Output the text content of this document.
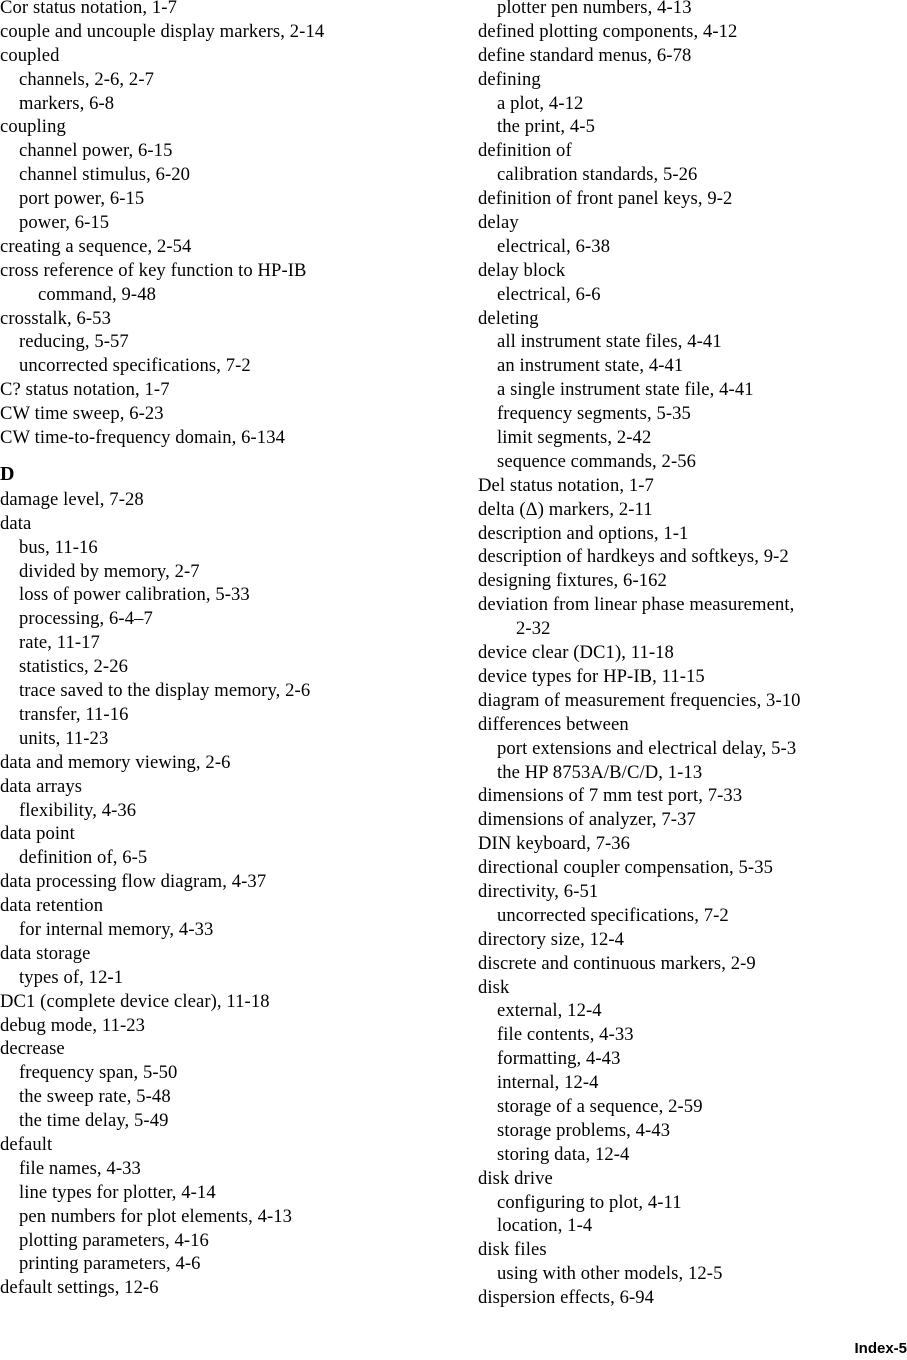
Cor status notation, 1-7
couple and uncouple display markers, 2-14
coupled
channels, 2-6, 2-7
markers, 6-8
coupling
channel power, 6-15
channel stimulus, 6-20
port power, 6-15
power, 6-15
creating a sequence, 2-54
cross reference of key function to HP-IB
command, 9-48
crosstalk, 6-53
reducing, 5-57
uncorrected specifications, 7-2
C? status notation, 1-7
CW time sweep, 6-23
CW time-to-frequency domain, 6-134
D
damage level, 7-28
data
bus, 11-16
divided by memory, 2-7
loss of power calibration, 5-33
processing, 6-4–7
rate, 11-17
statistics, 2-26
trace saved to the display memory, 2-6
transfer, 11-16
units, 11-23
data and memory viewing, 2-6
data arrays
flexibility, 4-36
data point
definition of, 6-5
data processing flow diagram, 4-37
data retention
for internal memory, 4-33
data storage
types of, 12-1
DC1 (complete device clear), 11-18
debug mode, 11-23
decrease
frequency span, 5-50
the sweep rate, 5-48
the time delay, 5-49
default
file names, 4-33
line types for plotter, 4-14
pen numbers for plot elements, 4-13
plotting parameters, 4-16
printing parameters, 4-6
default settings, 12-6
plotter pen numbers, 4-13
defined plotting components, 4-12
define standard menus, 6-78
defining
a plot, 4-12
the print, 4-5
definition of
calibration standards, 5-26
definition of front panel keys, 9-2
delay
electrical, 6-38
delay block
electrical, 6-6
deleting
all instrument state files, 4-41
an instrument state, 4-41
a single instrument state file, 4-41
frequency segments, 5-35
limit segments, 2-42
sequence commands, 2-56
Del status notation, 1-7
delta (Δ) markers, 2-11
description and options, 1-1
description of hardkeys and softkeys, 9-2
designing fixtures, 6-162
deviation from linear phase measurement,
2-32
device clear (DC1), 11-18
device types for HP-IB, 11-15
diagram of measurement frequencies, 3-10
differences between
port extensions and electrical delay, 5-3
the HP 8753A/B/C/D, 1-13
dimensions of 7 mm test port, 7-33
dimensions of analyzer, 7-37
DIN keyboard, 7-36
directional coupler compensation, 5-35
directivity, 6-51
uncorrected specifications, 7-2
directory size, 12-4
discrete and continuous markers, 2-9
disk
external, 12-4
file contents, 4-33
formatting, 4-43
internal, 12-4
storage of a sequence, 2-59
storage problems, 4-43
storing data, 12-4
disk drive
configuring to plot, 4-11
location, 1-4
disk files
using with other models, 12-5
dispersion effects, 6-94
Index-5
